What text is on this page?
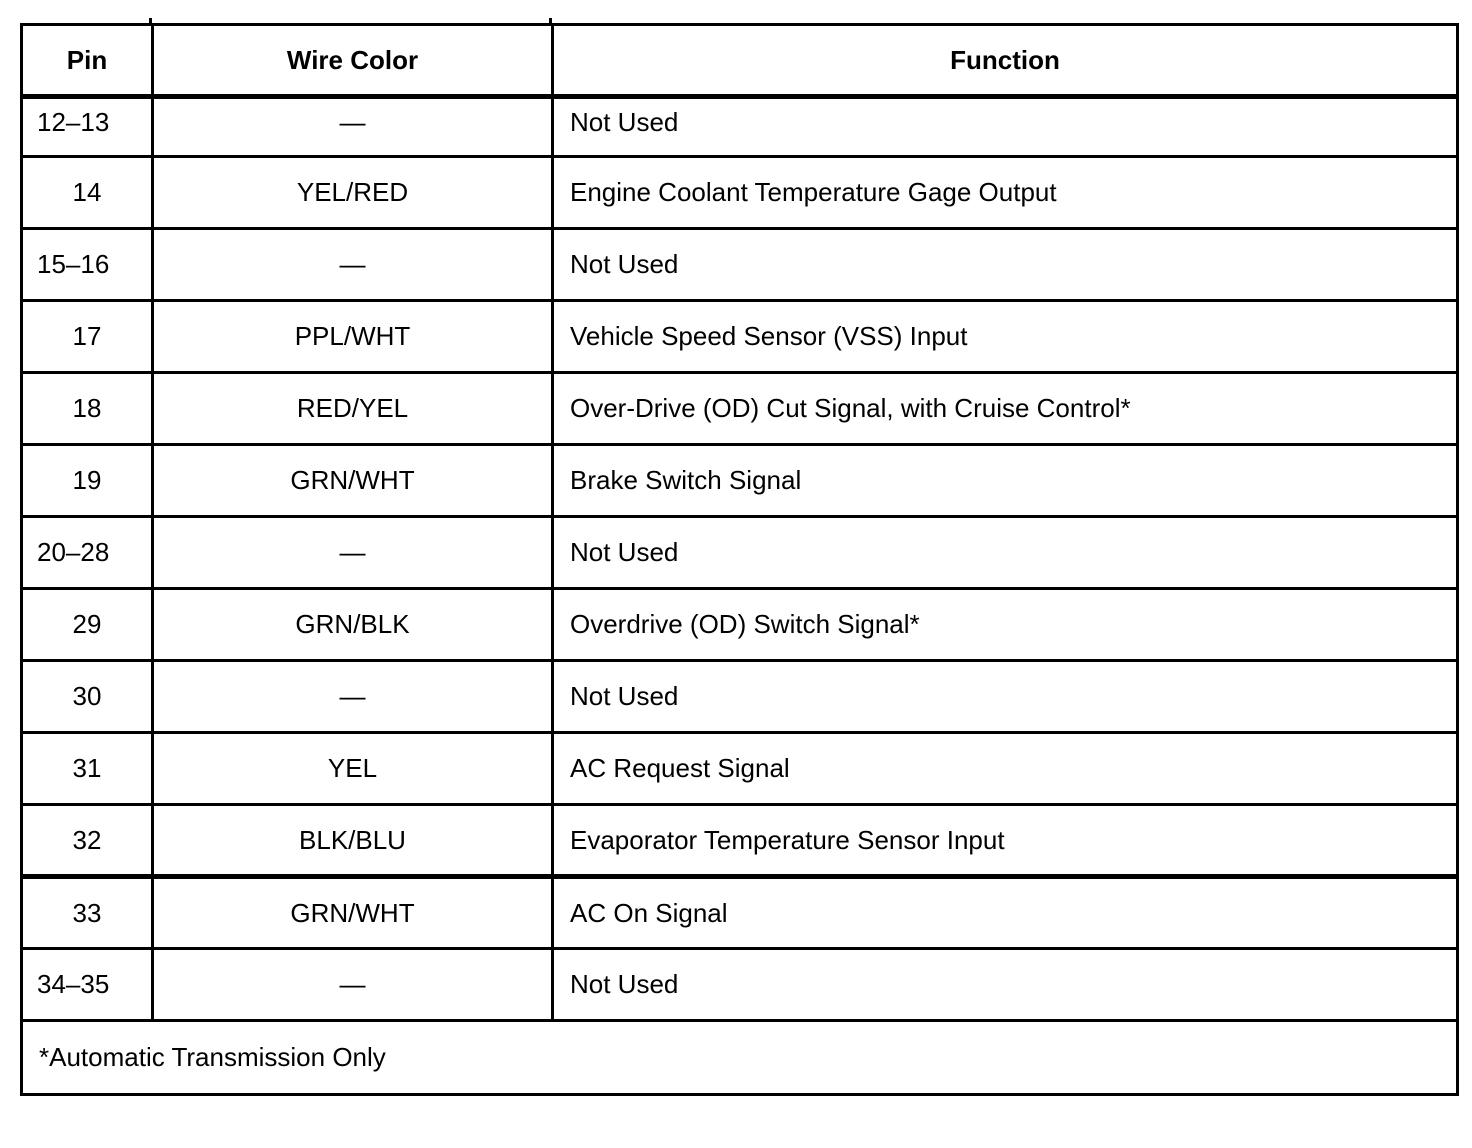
Pin	Wire Color	Function
12–13	—	Not Used
14	YEL/RED	Engine Coolant Temperature Gage Output
15–16	—	Not Used
17	PPL/WHT	Vehicle Speed Sensor (VSS) Input
18	RED/YEL	Over-Drive (OD) Cut Signal, with Cruise Control*
19	GRN/WHT	Brake Switch Signal
20–28	—	Not Used
29	GRN/BLK	Overdrive (OD) Switch Signal*
30	—	Not Used
31	YEL	AC Request Signal
32	BLK/BLU	Evaporator Temperature Sensor Input
33	GRN/WHT	AC On Signal
34–35	—	Not Used
*Automatic Transmission Only		
